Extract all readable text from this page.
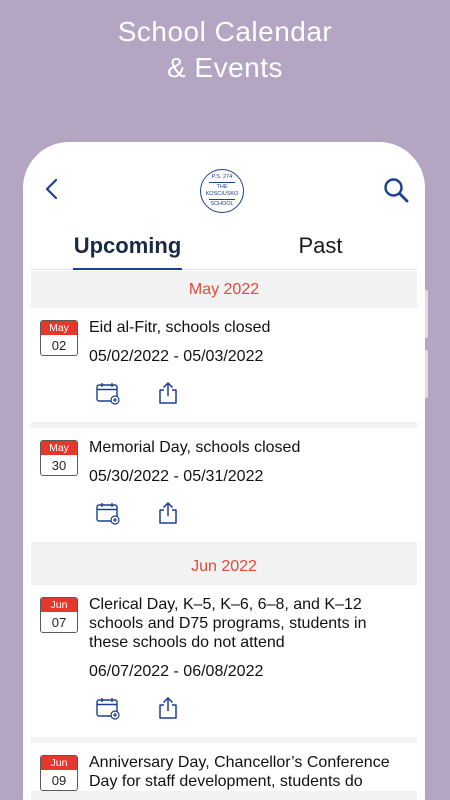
School Calendar
& Events
P.S. 274
THE KOSCIUSKO
SCHOOL
Upcoming	Past
May 2022
May
02
Eid al-Fitr, schools closed
05/02/2022 - 05/03/2022
May
30
Memorial Day, schools closed
05/30/2022 - 05/31/2022
Jun 2022
Jun
07
Clerical Day, K–5, K–6, 6–8, and K–12 schools and D75 programs, students in these schools do not attend
06/07/2022 - 06/08/2022
Jun
09
Anniversary Day, Chancellor’s Conference Day for staff development, students do
